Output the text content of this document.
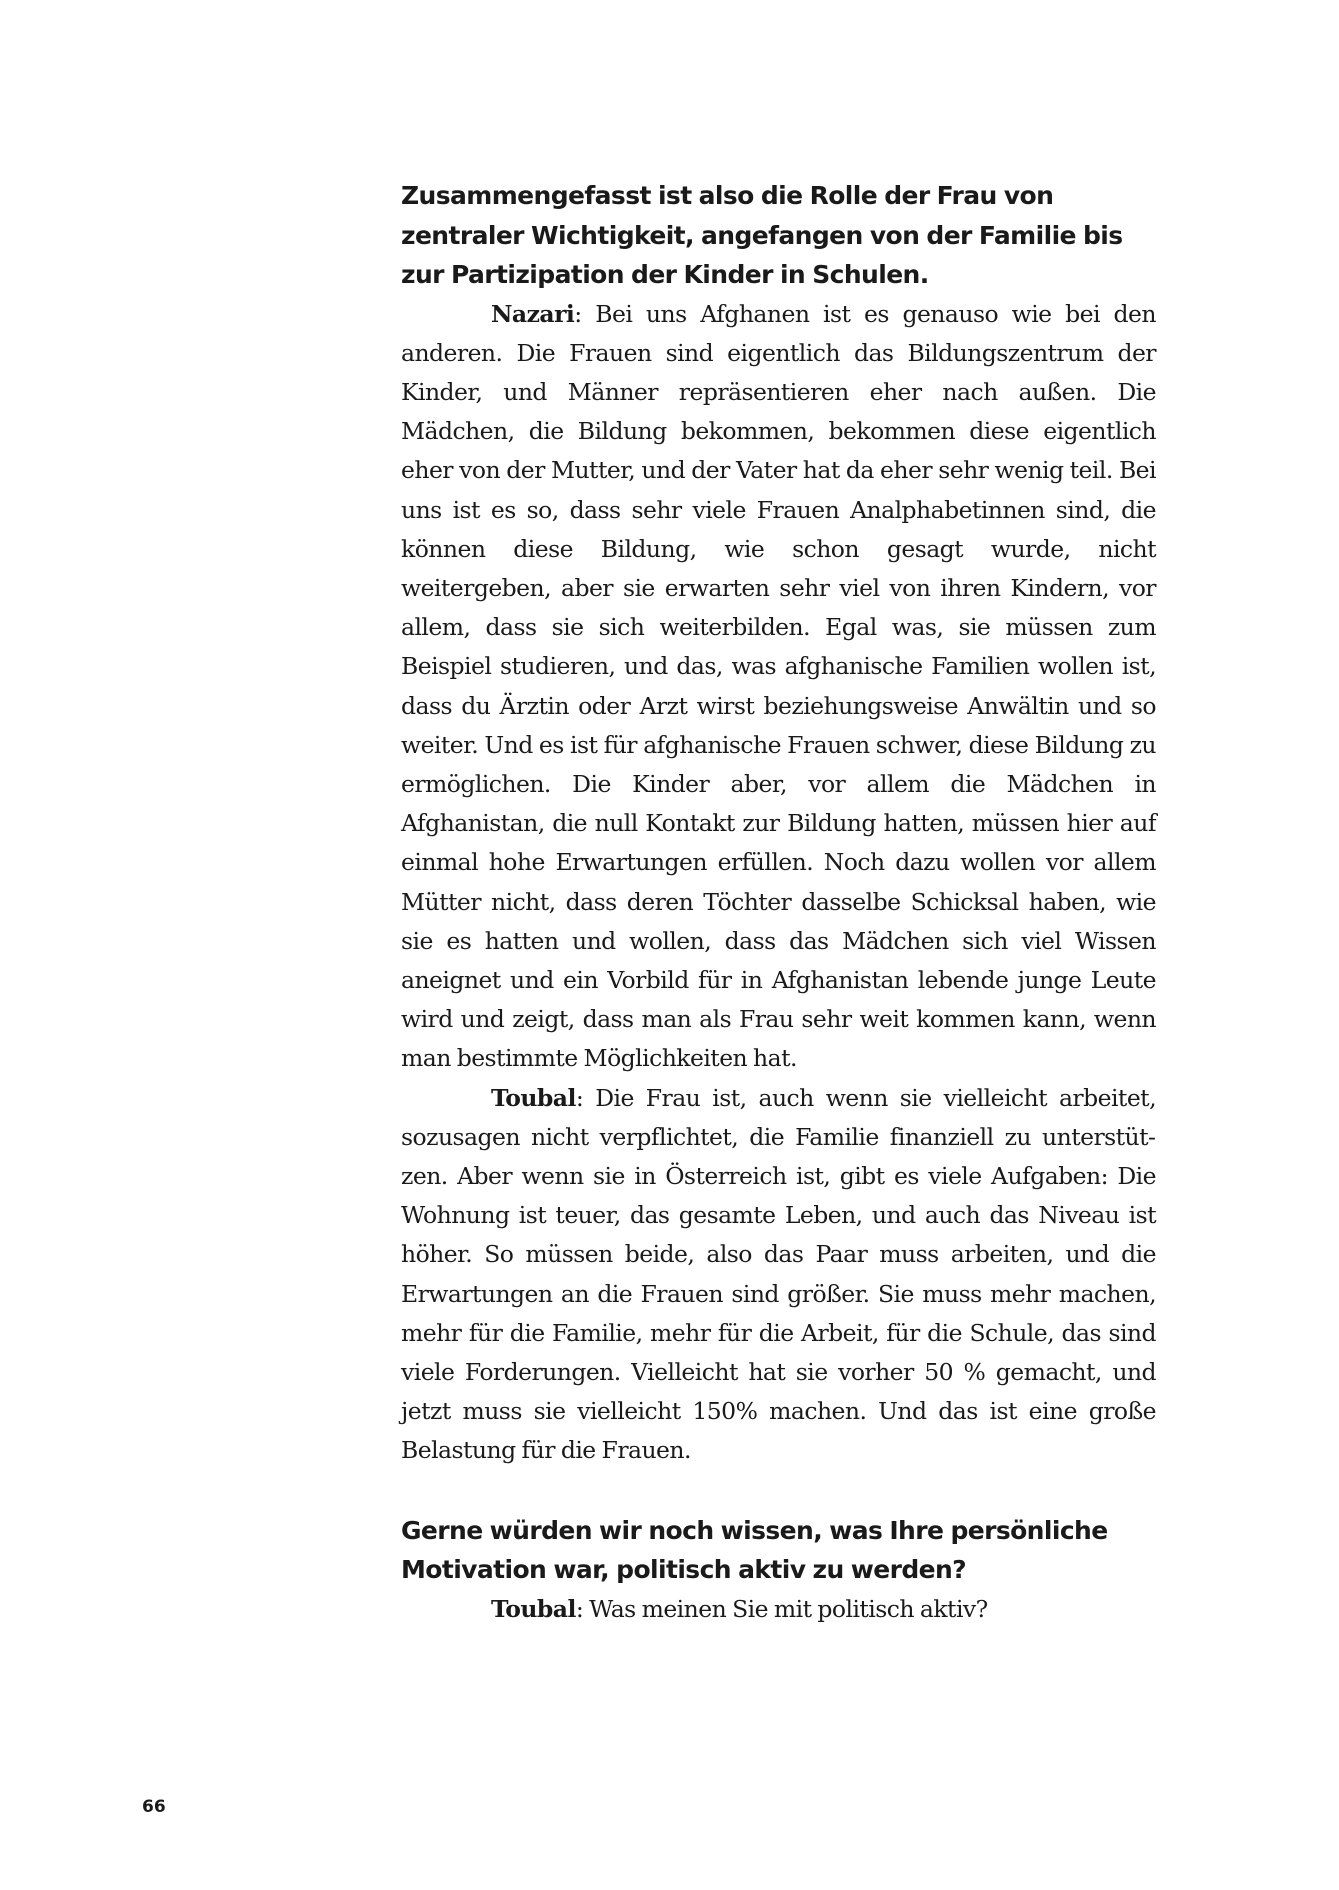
Zusammengefasst ist also die Rolle der Frau von zentraler Wichtigkeit, angefangen von der Familie bis zur Partizipation der Kinder in Schulen.

Nazari: Bei uns Afghanen ist es genauso wie bei den anderen. Die Frauen sind eigentlich das Bildungszentrum der Kinder, und Männer repräsentieren eher nach außen. Die Mädchen, die Bildung bekommen, bekommen diese eigentlich eher von der Mutter, und der Vater hat da eher sehr wenig teil. Bei uns ist es so, dass sehr viele Frauen Analphabetinnen sind, die können diese Bildung, wie schon gesagt wurde, nicht weitergeben, aber sie erwarten sehr viel von ihren Kindern, vor allem, dass sie sich weiterbilden. Egal was, sie müssen zum Beispiel studieren, und das, was afghanische Familien wollen ist, dass du Ärztin oder Arzt wirst beziehungsweise Anwältin und so weiter. Und es ist für afghanische Frauen schwer, diese Bildung zu ermöglichen. Die Kinder aber, vor allem die Mädchen in Afghanistan, die null Kontakt zur Bildung hatten, müssen hier auf einmal hohe Erwartungen erfüllen. Noch dazu wollen vor allem Mütter nicht, dass deren Töchter dasselbe Schicksal haben, wie sie es hatten und wollen, dass das Mädchen sich viel Wissen aneignet und ein Vorbild für in Afghanistan lebende junge Leute wird und zeigt, dass man als Frau sehr weit kommen kann, wenn man bestimmte Möglichkeiten hat.

Toubal: Die Frau ist, auch wenn sie vielleicht arbeitet, sozusagen nicht verpflichtet, die Familie finanziell zu unterstützen. Aber wenn sie in Österreich ist, gibt es viele Aufgaben: Die Wohnung ist teuer, das gesamte Leben, und auch das Niveau ist höher. So müssen beide, also das Paar muss arbeiten, und die Erwartungen an die Frauen sind größer. Sie muss mehr machen, mehr für die Familie, mehr für die Arbeit, für die Schule, das sind viele Forderungen. Vielleicht hat sie vorher 50 % gemacht, und jetzt muss sie vielleicht 150% machen. Und das ist eine große Belastung für die Frauen.

Gerne würden wir noch wissen, was Ihre persönliche Motivation war, politisch aktiv zu werden?

Toubal: Was meinen Sie mit politisch aktiv?

66
